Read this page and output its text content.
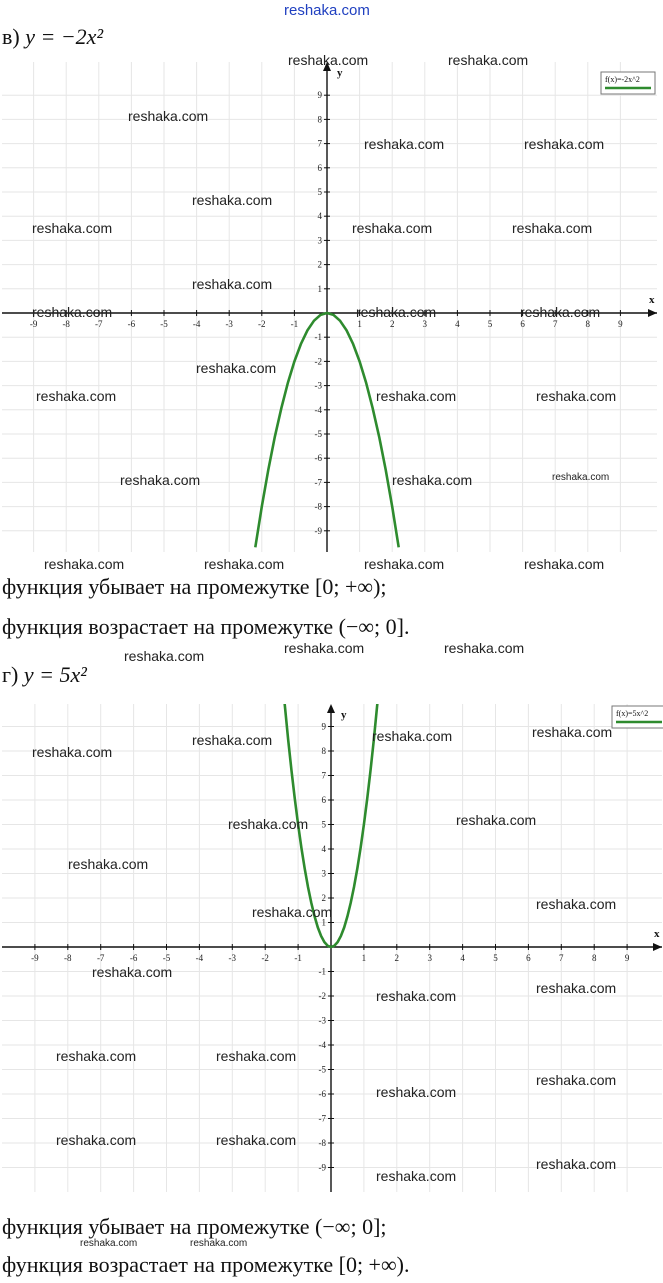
reshaka.com
в) y = −2x²
x
y
-9	-8	-7	-6	-5	-4	-3	-2	-1	1	2	3	4	5	6	7	8	9
9
8
7
6
5
4
3
2
1
-1
-2
-3
-4
-5
-6
-7
-8
-9
f(x)=-2x^2
функция убывает на промежутке [0; +∞);
функция возрастает на промежутке (−∞; 0].
г) y = 5x²
x
y
-9	-8	-7	-6	-5	-4	-3	-2	-1	1	2	3	4	5	6	7	8	9
9
8
7
6
5
4
3
2
1
-1
-2
-3
-4
-5
-6
-7
-8
-9
f(x)=5x^2
функция убывает на промежутке (−∞; 0];
функция возрастает на промежутке [0; +∞).
reshaka.com	reshaka.com
reshaka.com
reshaka.com	reshaka.com
reshaka.com
reshaka.com	reshaka.com	reshaka.com
reshaka.com
reshaka.com	reshaka.com	reshaka.com
reshaka.com
reshaka.com	reshaka.com	reshaka.com
reshaka.com	reshaka.com
reshaka.com	reshaka.com	reshaka.com	reshaka.com
reshaka.com	reshaka.com	reshaka.com
reshaka.com	reshaka.com	reshaka.com
reshaka.com
reshaka.com	reshaka.com
reshaka.com
reshaka.com
reshaka.com
reshaka.com
reshaka.com	reshaka.com
reshaka.com	reshaka.com
reshaka.com
reshaka.com
reshaka.com	reshaka.com
reshaka.com
reshaka.com
reshaka.com
reshaka.com	reshaka.com
